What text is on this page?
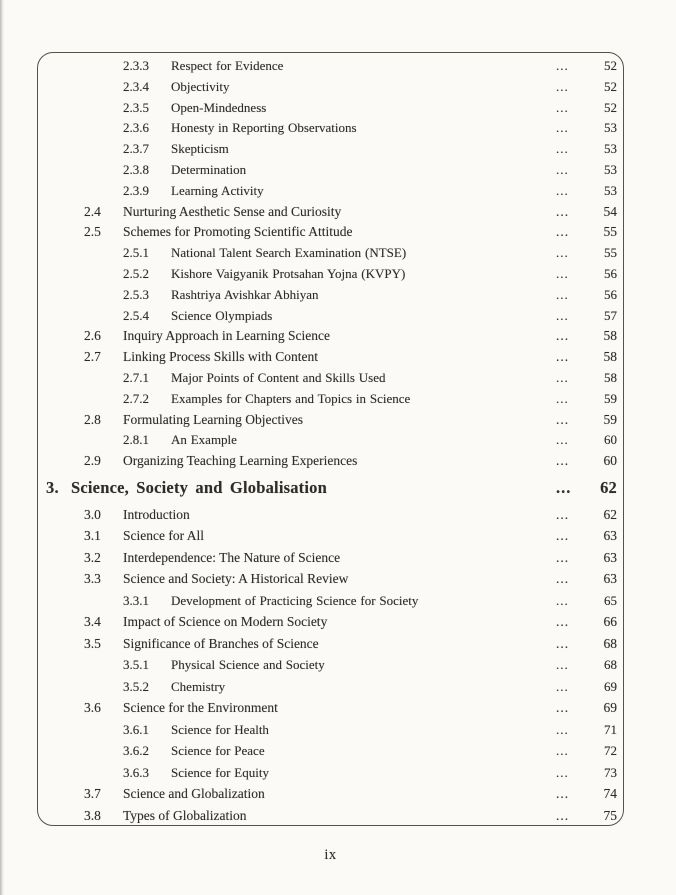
2.3.3 Respect for Evidence	...	52
2.3.4 Objectivity	...	52
2.3.5 Open-Mindedness	...	52
2.3.6 Honesty in Reporting Observations	...	53
2.3.7 Skepticism	...	53
2.3.8 Determination	...	53
2.3.9 Learning Activity	...	53
2.4 Nurturing Aesthetic Sense and Curiosity	...	54
2.5 Schemes for Promoting Scientific Attitude	...	55
2.5.1 National Talent Search Examination (NTSE)	...	55
2.5.2 Kishore Vaigyanik Protsahan Yojna (KVPY)	...	56
2.5.3 Rashtriya Avishkar Abhiyan	...	56
2.5.4 Science Olympiads	...	57
2.6 Inquiry Approach in Learning Science	...	58
2.7 Linking Process Skills with Content	...	58
2.7.1 Major Points of Content and Skills Used	...	58
2.7.2 Examples for Chapters and Topics in Science	...	59
2.8 Formulating Learning Objectives	...	59
2.8.1 An Example	...	60
2.9 Organizing Teaching Learning Experiences	...	60
3. Science, Society and Globalisation	...	62
3.0 Introduction	...	62
3.1 Science for All	...	63
3.2 Interdependence: The Nature of Science	...	63
3.3 Science and Society: A Historical Review	...	63
3.3.1 Development of Practicing Science for Society	...	65
3.4 Impact of Science on Modern Society	...	66
3.5 Significance of Branches of Science	...	68
3.5.1 Physical Science and Society	...	68
3.5.2 Chemistry	...	69
3.6 Science for the Environment	...	69
3.6.1 Science for Health	...	71
3.6.2 Science for Peace	...	72
3.6.3 Science for Equity	...	73
3.7 Science and Globalization	...	74
3.8 Types of Globalization	...	75
ix
